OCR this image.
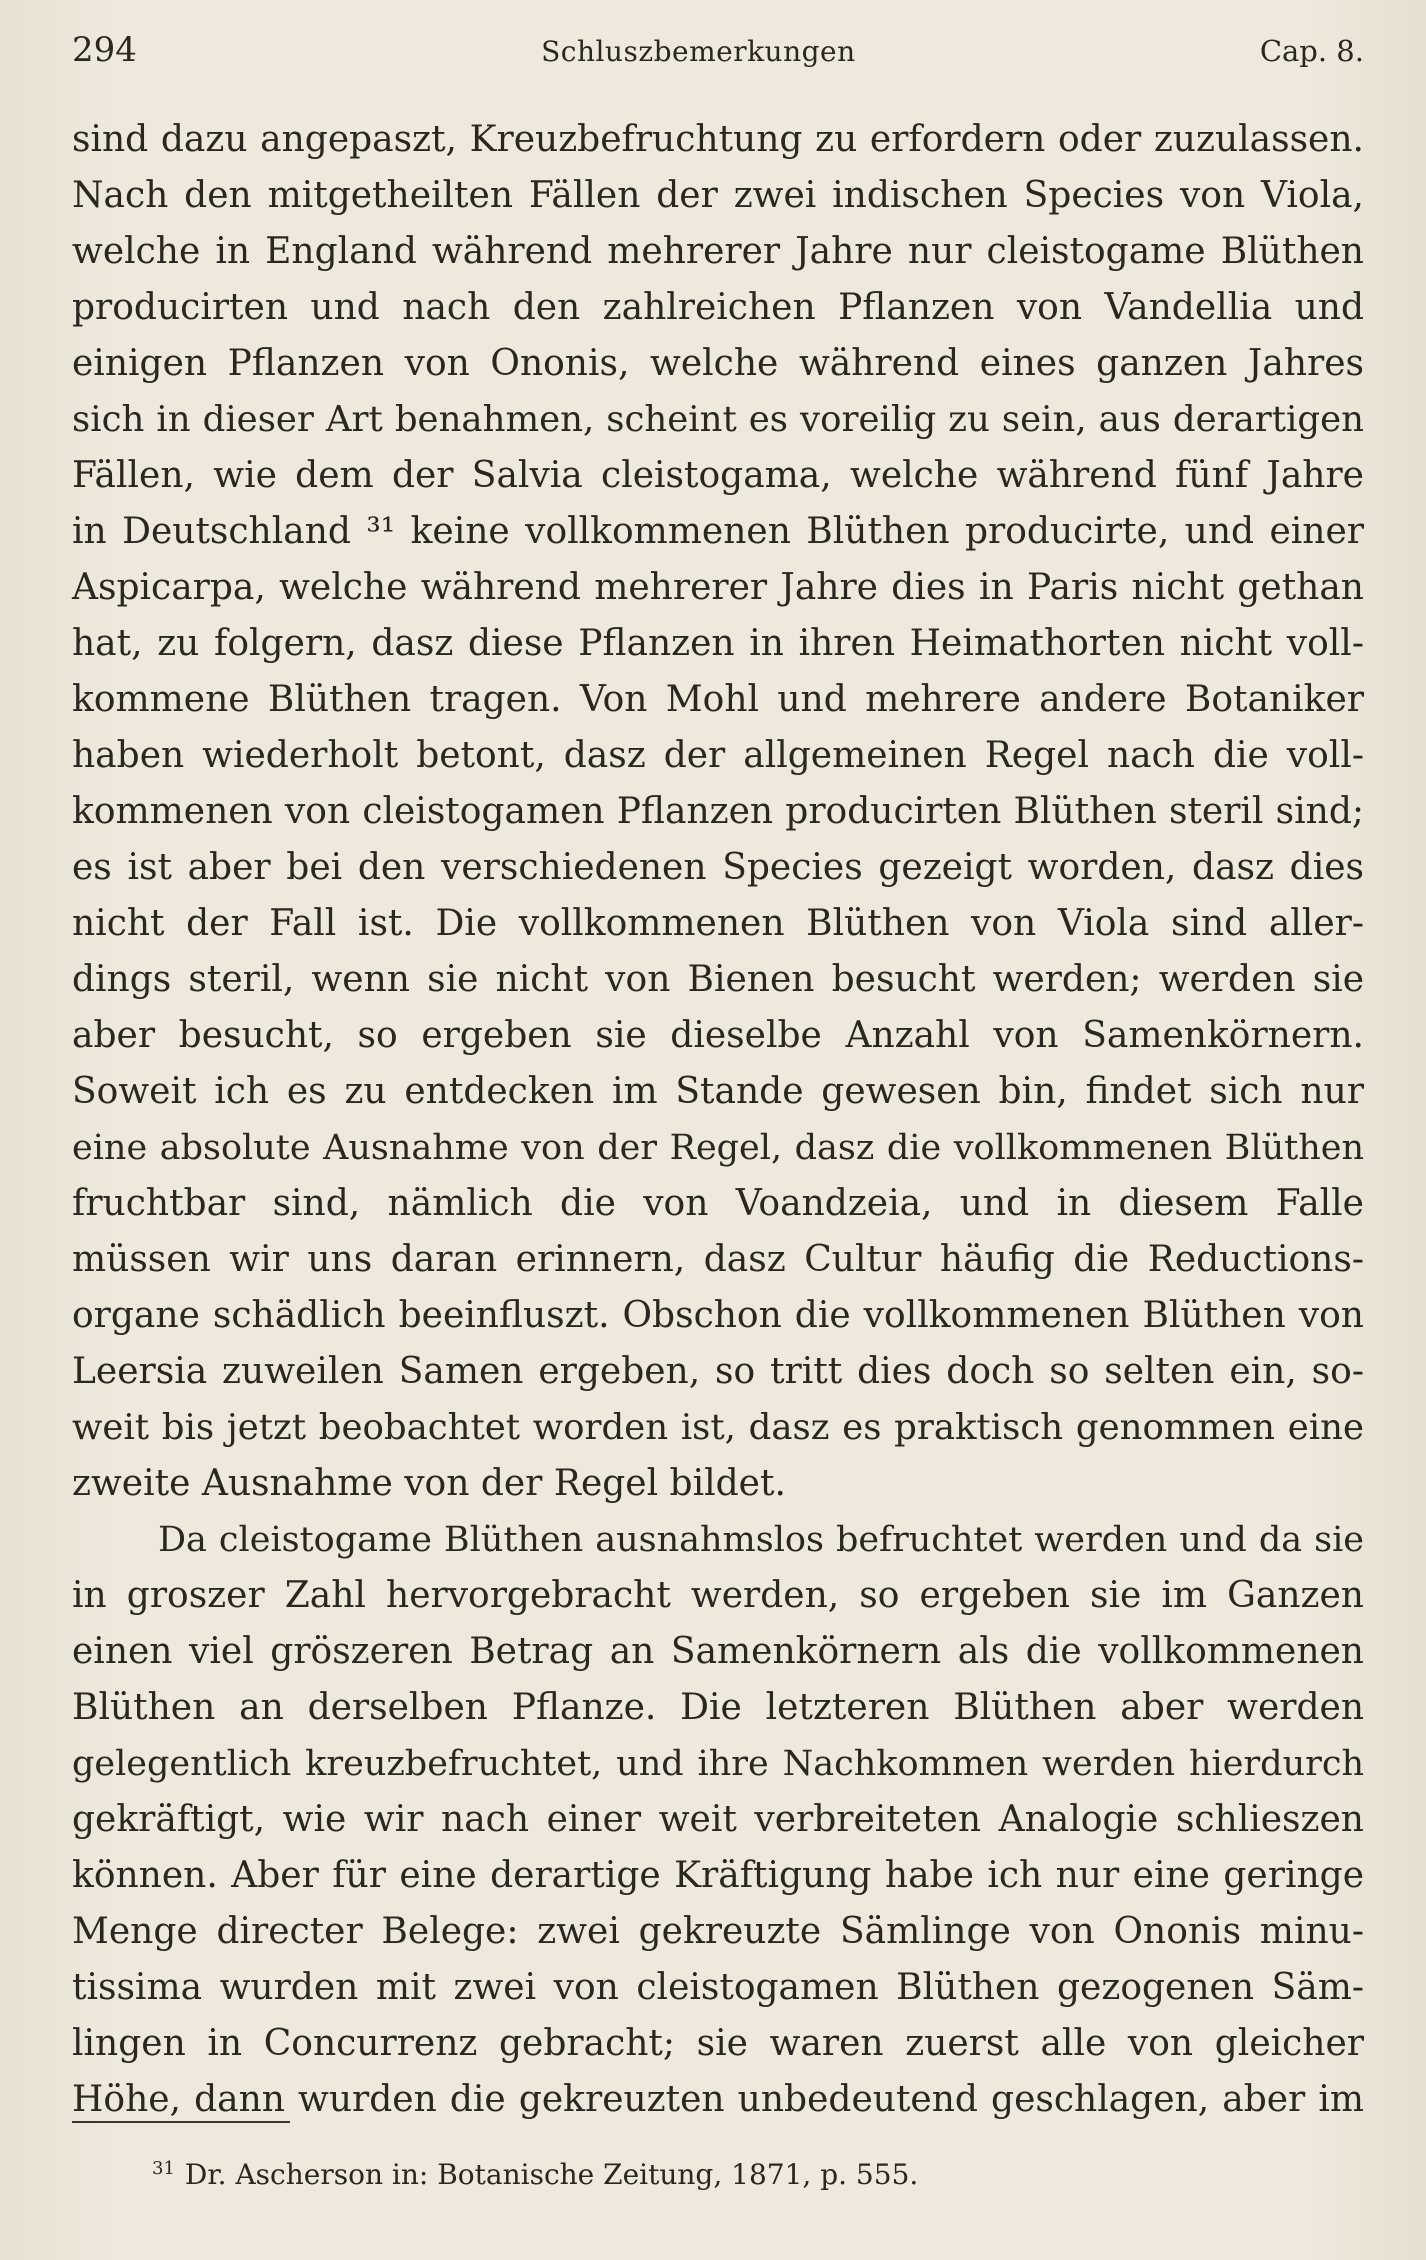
294	Schluszbemerkungen	Cap. 8.
sind dazu angepaszt, Kreuzbefruchtung zu erfordern oder zuzulassen.
Nach den mitgetheilten Fällen der zwei indischen Species von Viola,
welche in England während mehrerer Jahre nur cleistogame Blüthen
producirten und nach den zahlreichen Pflanzen von Vandellia und
einigen Pflanzen von Ononis, welche während eines ganzen Jahres
sich in dieser Art benahmen, scheint es voreilig zu sein, aus derartigen
Fällen, wie dem der Salvia cleistogama, welche während fünf Jahre
in Deutschland ³¹ keine vollkommenen Blüthen producirte, und einer
Aspicarpa, welche während mehrerer Jahre dies in Paris nicht gethan
hat, zu folgern, dasz diese Pflanzen in ihren Heimathorten nicht voll-
kommene Blüthen tragen. Von Mohl und mehrere andere Botaniker
haben wiederholt betont, dasz der allgemeinen Regel nach die voll-
kommenen von cleistogamen Pflanzen producirten Blüthen steril sind;
es ist aber bei den verschiedenen Species gezeigt worden, dasz dies
nicht der Fall ist. Die vollkommenen Blüthen von Viola sind aller-
dings steril, wenn sie nicht von Bienen besucht werden; werden sie
aber besucht, so ergeben sie dieselbe Anzahl von Samenkörnern.
Soweit ich es zu entdecken im Stande gewesen bin, findet sich nur
eine absolute Ausnahme von der Regel, dasz die vollkommenen Blüthen
fruchtbar sind, nämlich die von Voandzeia, und in diesem Falle
müssen wir uns daran erinnern, dasz Cultur häufig die Reductions-
organe schädlich beeinfluszt. Obschon die vollkommenen Blüthen von
Leersia zuweilen Samen ergeben, so tritt dies doch so selten ein, so-
weit bis jetzt beobachtet worden ist, dasz es praktisch genommen eine
zweite Ausnahme von der Regel bildet.
Da cleistogame Blüthen ausnahmslos befruchtet werden und da sie
in groszer Zahl hervorgebracht werden, so ergeben sie im Ganzen
einen viel gröszeren Betrag an Samenkörnern als die vollkommenen
Blüthen an derselben Pflanze. Die letzteren Blüthen aber werden
gelegentlich kreuzbefruchtet, und ihre Nachkommen werden hierdurch
gekräftigt, wie wir nach einer weit verbreiteten Analogie schlieszen
können. Aber für eine derartige Kräftigung habe ich nur eine geringe
Menge directer Belege: zwei gekreuzte Sämlinge von Ononis minu-
tissima wurden mit zwei von cleistogamen Blüthen gezogenen Säm-
lingen in Concurrenz gebracht; sie waren zuerst alle von gleicher
Höhe, dann wurden die gekreuzten unbedeutend geschlagen, aber im
$^{31}$ Dr. Ascherson in: Botanische Zeitung, 1871, p. 555.
